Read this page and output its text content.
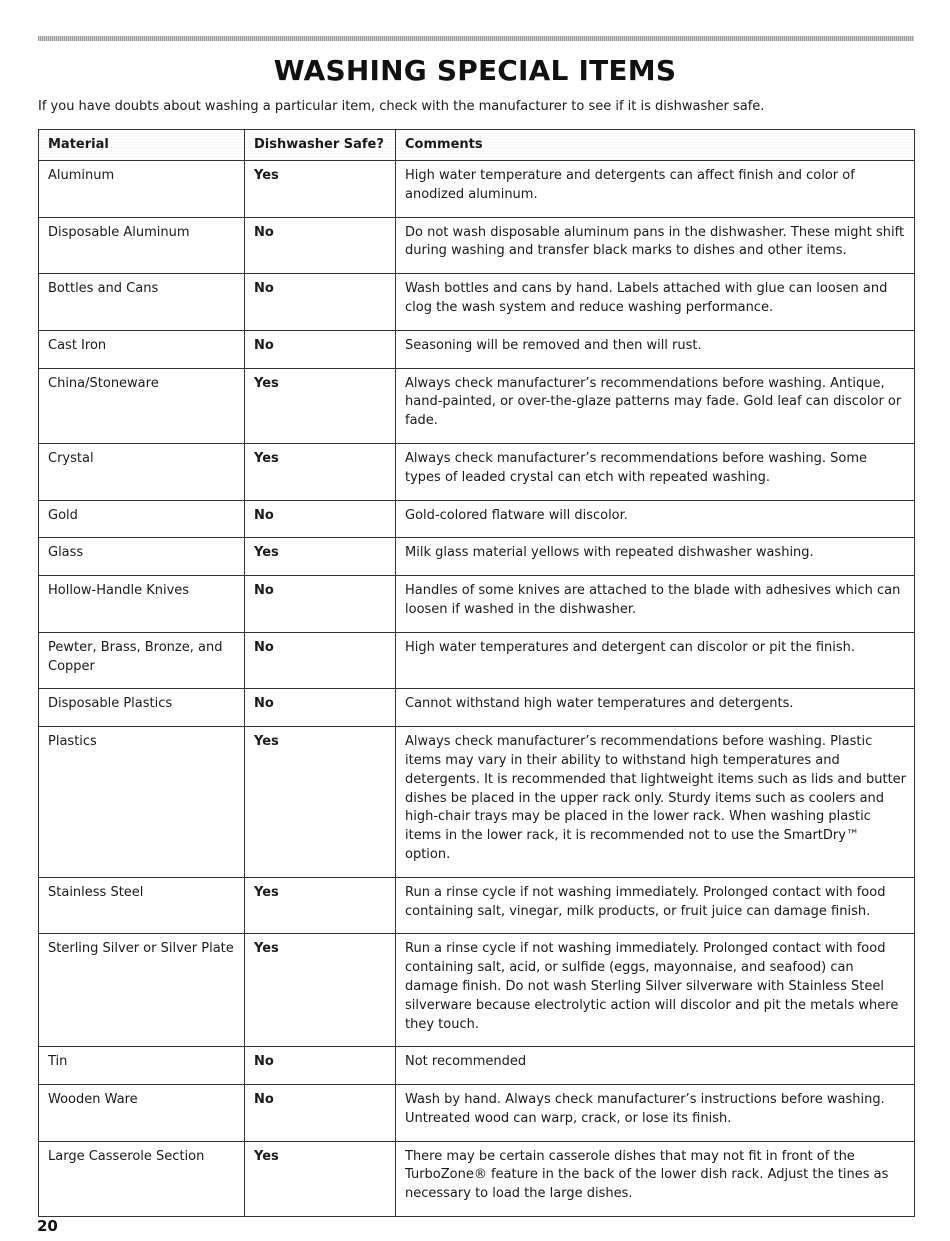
WASHING SPECIAL ITEMS

If you have doubts about washing a particular item, check with the manufacturer to see if it is dishwasher safe.

Material	Dishwasher Safe?	Comments
Aluminum	Yes	High water temperature and detergents can affect finish and color of anodized aluminum.
Disposable Aluminum	No	Do not wash disposable aluminum pans in the dishwasher. These might shift during washing and transfer black marks to dishes and other items.
Bottles and Cans	No	Wash bottles and cans by hand. Labels attached with glue can loosen and clog the wash system and reduce washing performance.
Cast Iron	No	Seasoning will be removed and then will rust.
China/Stoneware	Yes	Always check manufacturer’s recommendations before washing. Antique, hand-painted, or over-the-glaze patterns may fade. Gold leaf can discolor or fade.
Crystal	Yes	Always check manufacturer’s recommendations before washing. Some types of leaded crystal can etch with repeated washing.
Gold	No	Gold-colored flatware will discolor.
Glass	Yes	Milk glass material yellows with repeated dishwasher washing.
Hollow-Handle Knives	No	Handles of some knives are attached to the blade with adhesives which can loosen if washed in the dishwasher.
Pewter, Brass, Bronze, and Copper	No	High water temperatures and detergent can discolor or pit the finish.
Disposable Plastics	No	Cannot withstand high water temperatures and detergents.
Plastics	Yes	Always check manufacturer’s recommendations before washing. Plastic items may vary in their ability to withstand high temperatures and detergents. It is recommended that lightweight items such as lids and butter dishes be placed in the upper rack only. Sturdy items such as coolers and high-chair trays may be placed in the lower rack. When washing plastic items in the lower rack, it is recommended not to use the SmartDry™ option.
Stainless Steel	Yes	Run a rinse cycle if not washing immediately. Prolonged contact with food containing salt, vinegar, milk products, or fruit juice can damage finish.
Sterling Silver or Silver Plate	Yes	Run a rinse cycle if not washing immediately. Prolonged contact with food containing salt, acid, or sulfide (eggs, mayonnaise, and seafood) can damage finish. Do not wash Sterling Silver silverware with Stainless Steel silverware because electrolytic action will discolor and pit the metals where they touch.
Tin	No	Not recommended
Wooden Ware	No	Wash by hand. Always check manufacturer’s instructions before washing. Untreated wood can warp, crack, or lose its finish.
Large Casserole Section	Yes	There may be certain casserole dishes that may not fit in front of the TurboZone® feature in the back of the lower dish rack. Adjust the tines as necessary to load the large dishes.
20
